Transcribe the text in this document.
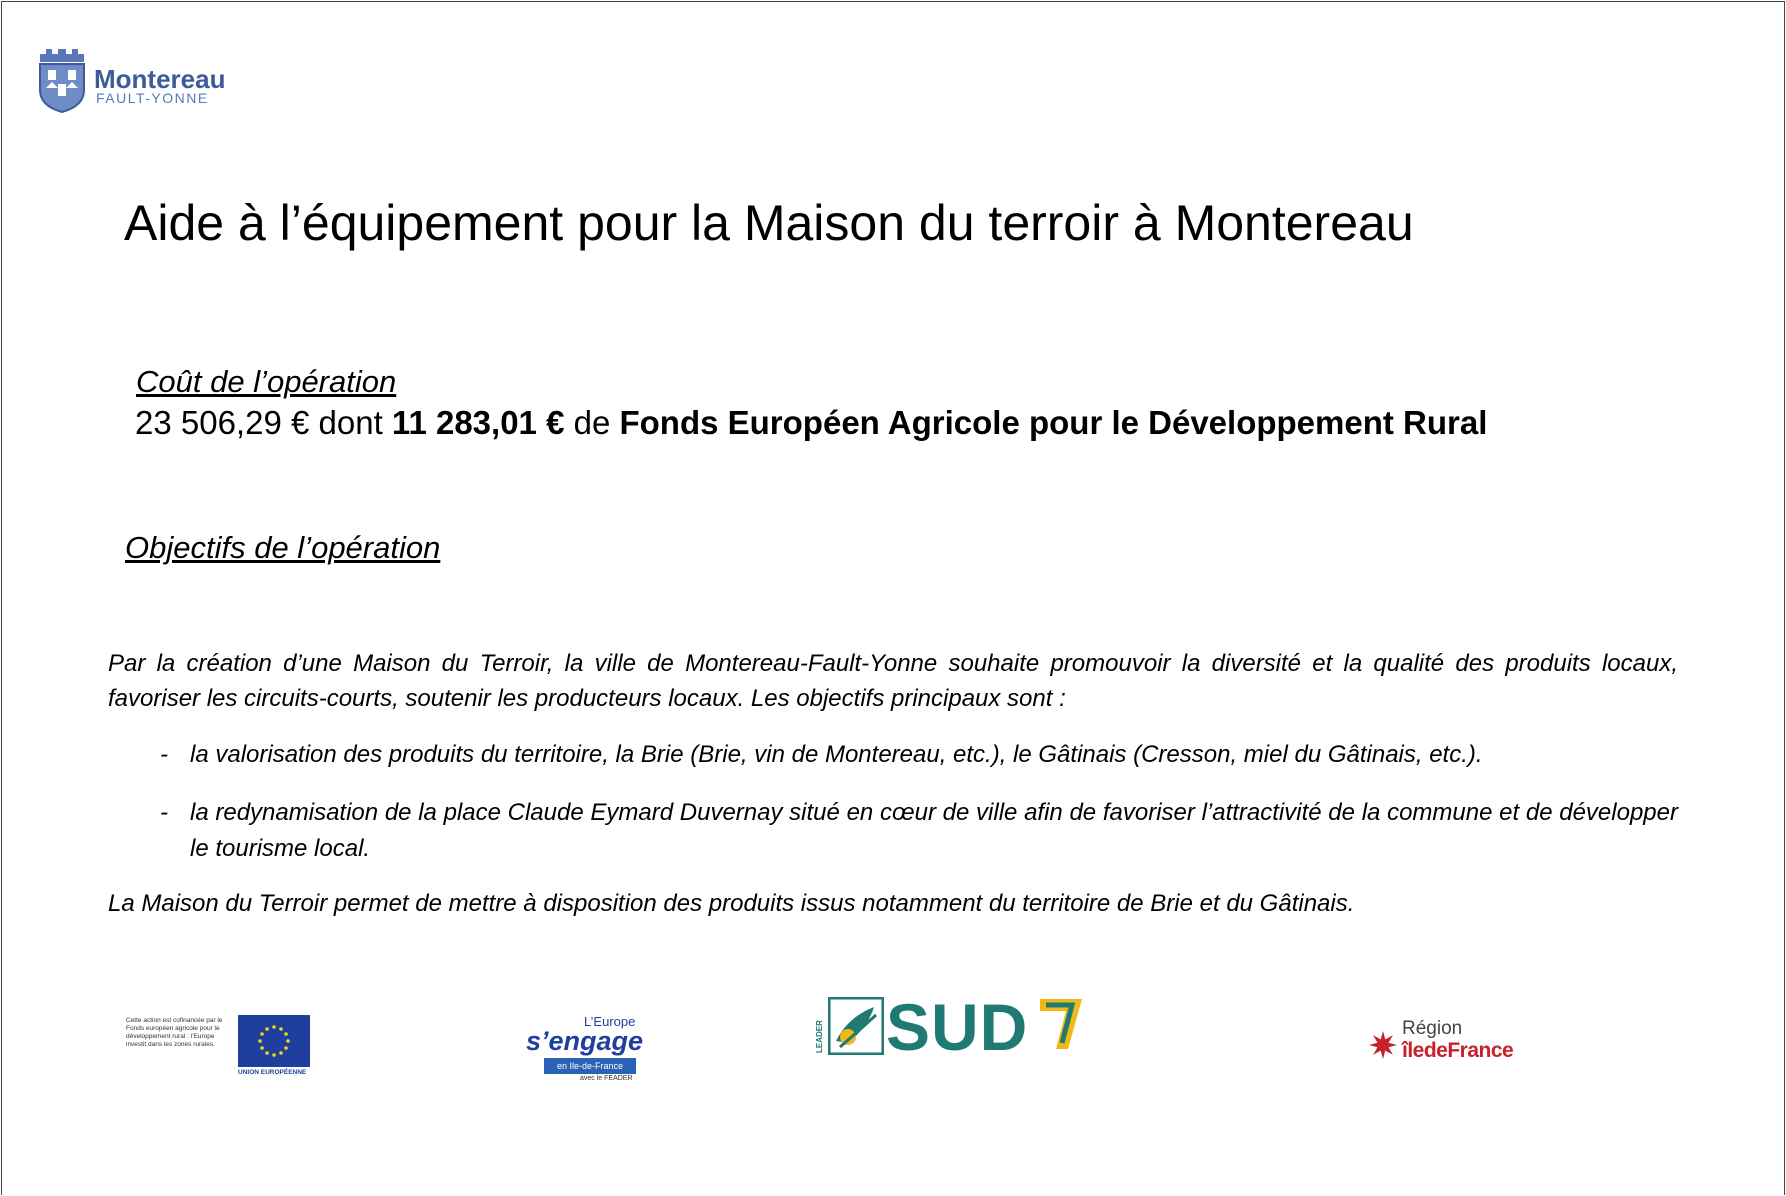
Montereau
FAULT-YONNE
Aide à l’équipement pour la Maison du terroir à Montereau
Coût de l’opération
23 506,29 € dont 11 283,01 € de Fonds Européen Agricole pour le Développement Rural
Objectifs de l’opération
Par la création d’une Maison du Terroir, la ville de Montereau-Fault-Yonne souhaite promouvoir la diversité et la qualité des produits locaux, favoriser les circuits-courts, soutenir les producteurs locaux. Les objectifs principaux sont :
- la valorisation des produits du territoire, la Brie (Brie, vin de Montereau, etc.), le Gâtinais (Cresson, miel du Gâtinais, etc.).
- la redynamisation de la place Claude Eymard Duvernay situé en cœur de ville afin de favoriser l’attractivité de la commune et de développer le tourisme local.
La Maison du Terroir permet de mettre à disposition des produits issus notamment du territoire de Brie et du Gâtinais.
Cette action est cofinancée par le Fonds européen agricole pour le développement rural : l’Europe investit dans les zones rurales.
UNION EUROPÉENNE
L’Europe
s’engage
en Ile-de-France
avec le FEADER
LEADER SUD	Région
îledeFrance
